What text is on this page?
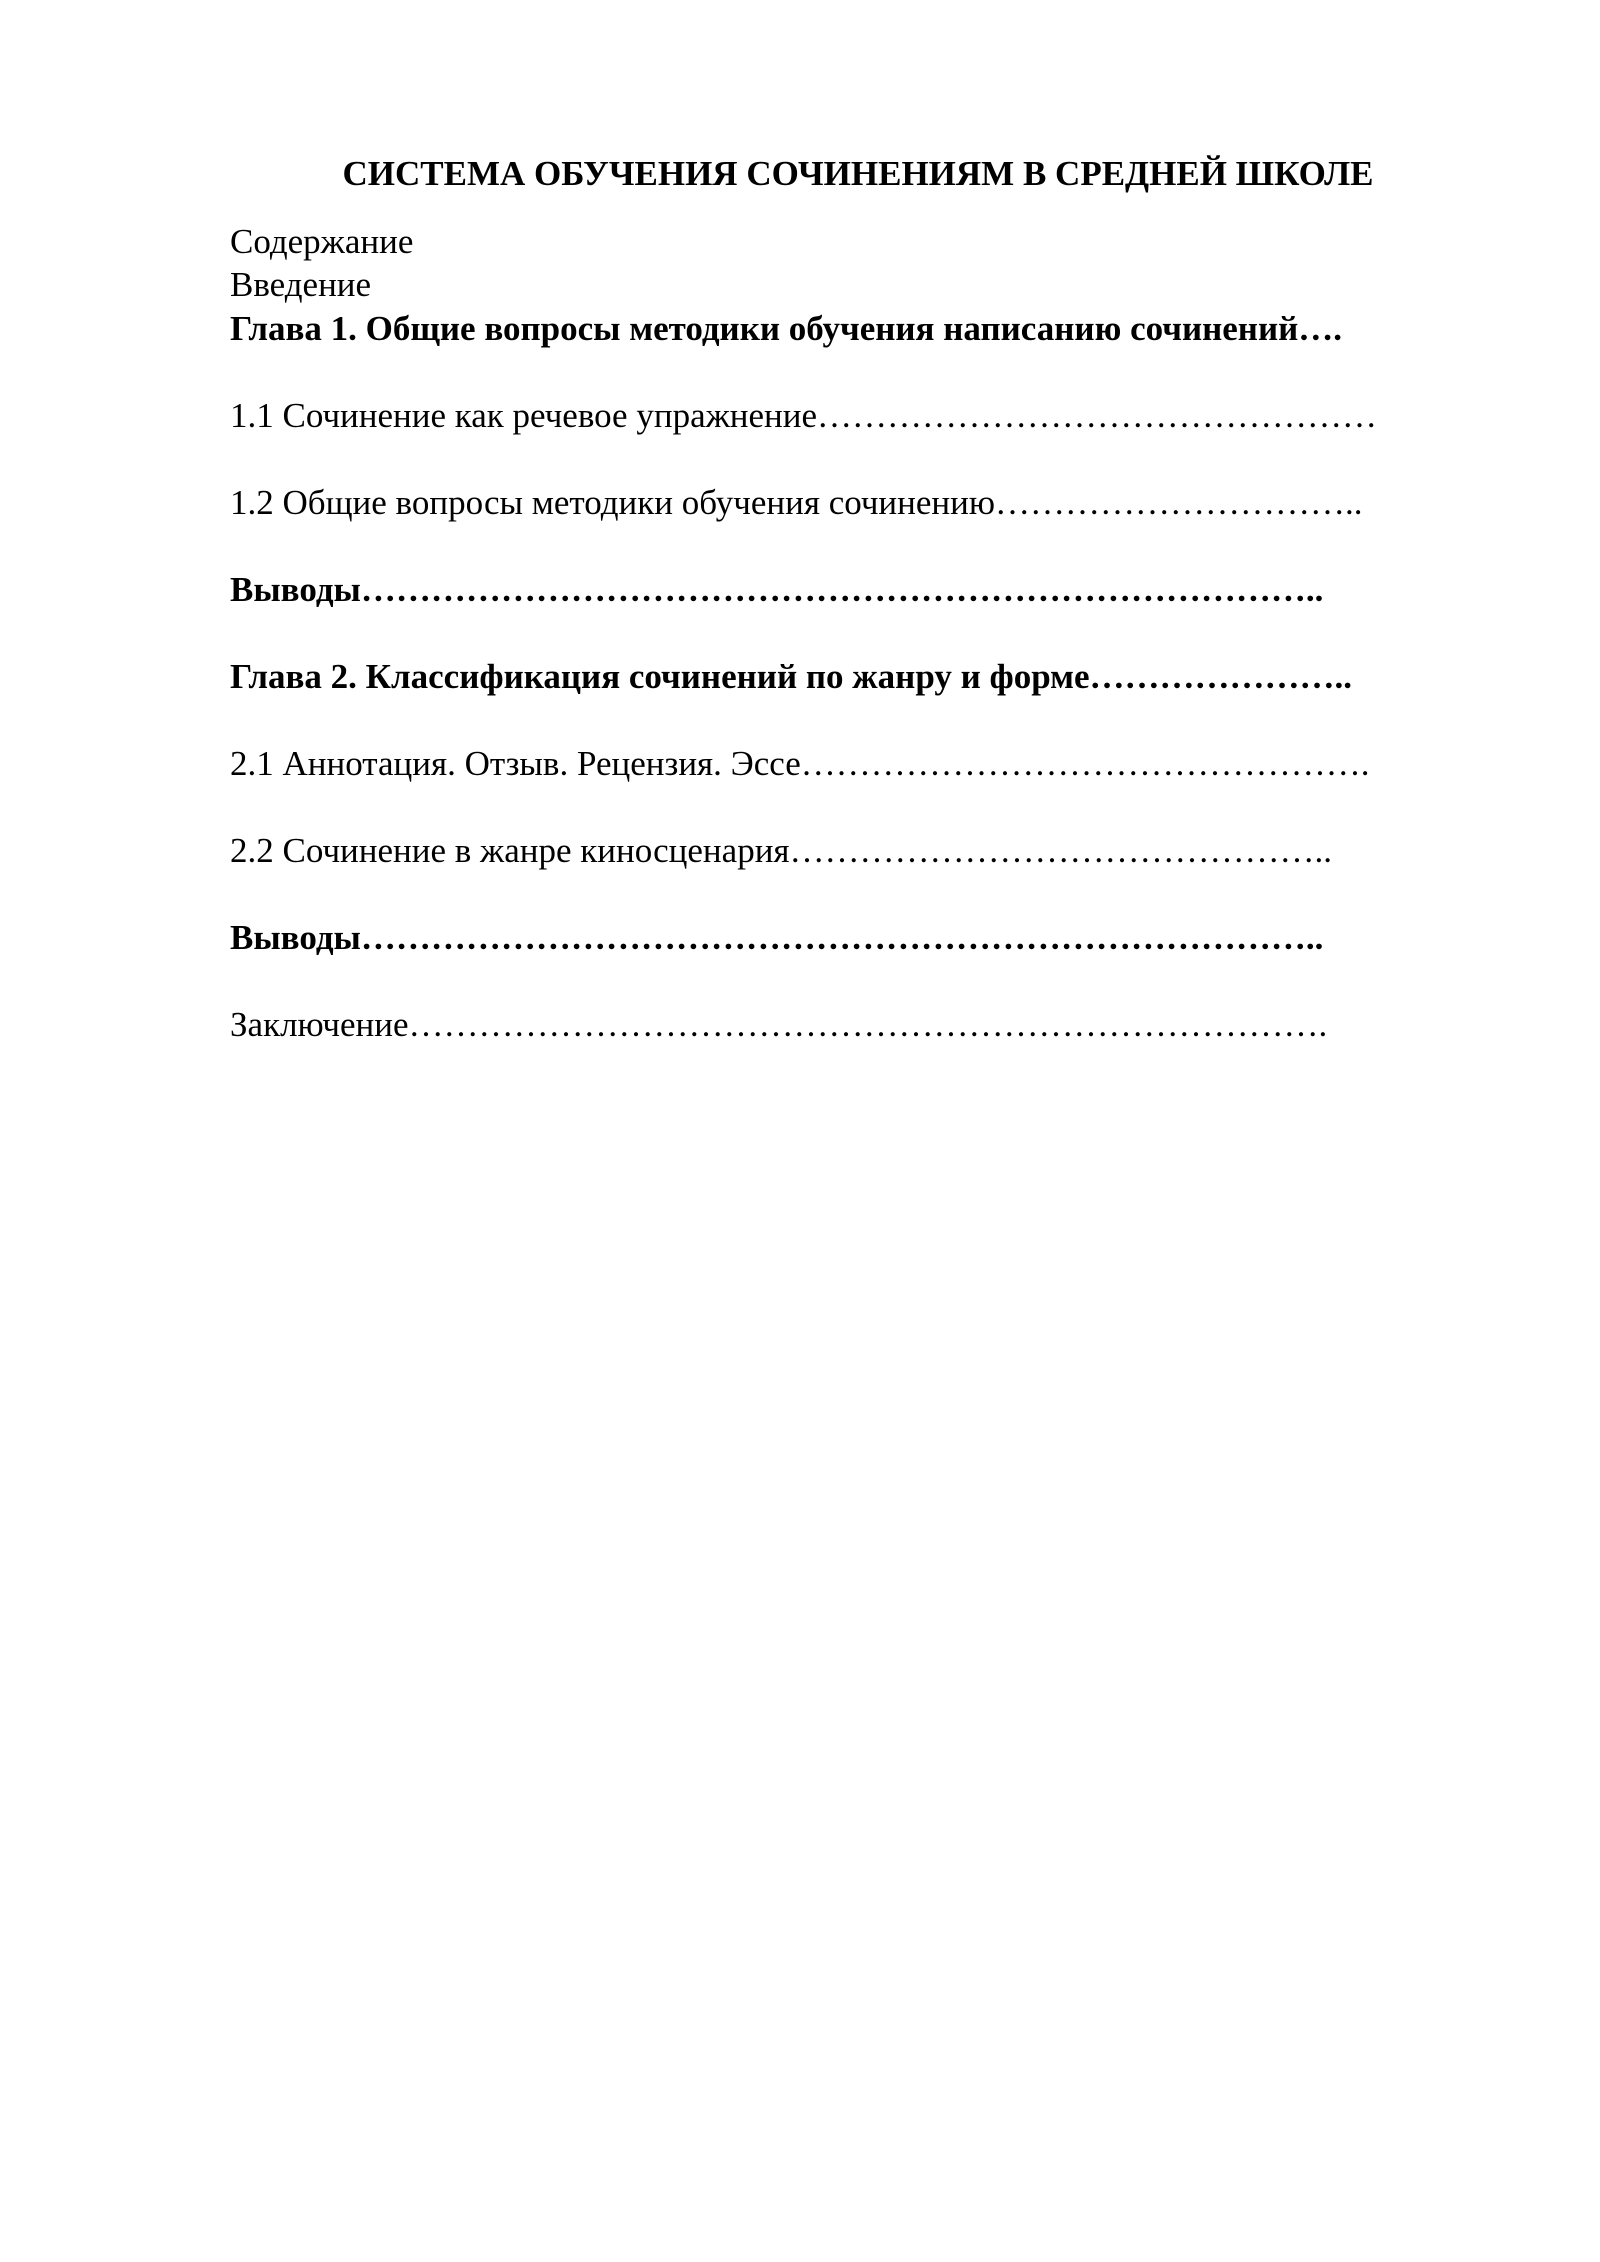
СИСТЕМА ОБУЧЕНИЯ СОЧИНЕНИЯМ В СРЕДНЕЙ ШКОЛЕ

Содержание

Введение

Глава 1. Общие вопросы методики обучения написанию сочинений….

1.1 Сочинение как речевое упражнение…………………………………………

1.2 Общие вопросы методики обучения сочинению…………………………..

Выводы………………………………………………………………………..

Глава 2. Классификация сочинений по жанру и форме…………………..

2.1 Аннотация. Отзыв. Рецензия. Эссе………………………………………….

2.2 Сочинение в жанре киносценария………………………………………..

Выводы………………………………………………………………………..

Заключение…………………………………………………………………….
